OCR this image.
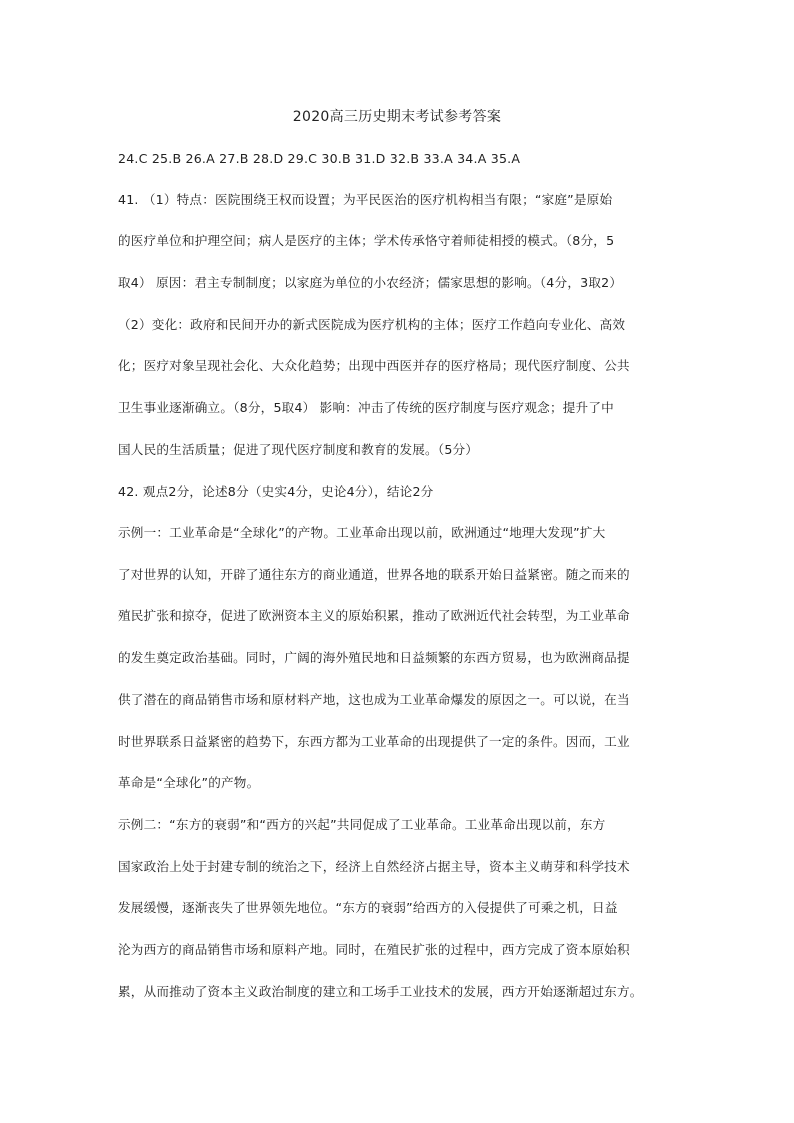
2020高三历史期末考试参考答案
24.C 25.B 26.A 27.B 28.D 29.C 30.B 31.D 32.B 33.A 34.A 35.A
41. （1）特点：医院围绕王权而设置；为平民医治的医疗机构相当有限；“家庭”是原始
的医疗单位和护理空间；病人是医疗的主体；学术传承恪守着师徒相授的模式。（8分，5
取4） 原因：君主专制制度；以家庭为单位的小农经济；儒家思想的影响。（4分，3取2）
（2）变化：政府和民间开办的新式医院成为医疗机构的主体；医疗工作趋向专业化、高效
化；医疗对象呈现社会化、大众化趋势；出现中西医并存的医疗格局；现代医疗制度、公共
卫生事业逐渐确立。（8分，5取4） 影响：冲击了传统的医疗制度与医疗观念；提升了中
国人民的生活质量；促进了现代医疗制度和教育的发展。（5分）
42. 观点2分，论述8分（史实4分，史论4分），结论2分
示例一：工业革命是“全球化”的产物。工业革命出现以前，欧洲通过“地理大发现”扩大
了对世界的认知，开辟了通往东方的商业通道，世界各地的联系开始日益紧密。随之而来的
殖民扩张和掠夺，促进了欧洲资本主义的原始积累，推动了欧洲近代社会转型，为工业革命
的发生奠定政治基础。同时，广阔的海外殖民地和日益频繁的东西方贸易，也为欧洲商品提
供了潜在的商品销售市场和原材料产地，这也成为工业革命爆发的原因之一。可以说，在当
时世界联系日益紧密的趋势下，东西方都为工业革命的出现提供了一定的条件。因而，工业
革命是“全球化”的产物。
示例二：“东方的衰弱”和“西方的兴起”共同促成了工业革命。工业革命出现以前，东方
国家政治上处于封建专制的统治之下，经济上自然经济占据主导，资本主义萌芽和科学技术
发展缓慢，逐渐丧失了世界领先地位。“东方的衰弱”给西方的入侵提供了可乘之机，日益
沦为西方的商品销售市场和原料产地。同时，在殖民扩张的过程中，西方完成了资本原始积
累，从而推动了资本主义政治制度的建立和工场手工业技术的发展，西方开始逐渐超过东方。
